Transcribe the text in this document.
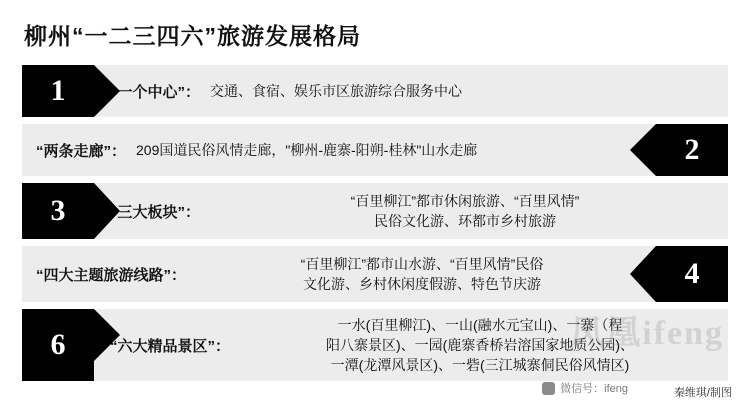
柳州“一二三四六”旅游发展格局
1	“一个中心”： 交通、食宿、娱乐市区旅游综合服务中心
“两条走廊”： 209国道民俗风情走廊，"柳州-鹿寨-阳朔-桂林"山水走廊	2
3	“三大板块”：
“百里柳江”都市休闲旅游、“百里风情”
民俗文化游、环都市乡村旅游
“四大主题旅游线路”：
“百里柳江”都市山水游、“百里风情”民俗
文化游、乡村休闲度假游、特色节庆游	4
6	“六大精品景区”：
一水(百里柳江)、一山(融水元宝山)、一寨（程
阳八寨景区)、一园(鹿寨香桥岩溶国家地质公园)、
一潭(龙潭风景区)、一砦(三江城寨侗民俗风情区)
凤凰ifeng
微信号：ifeng	秦维琪/制图
